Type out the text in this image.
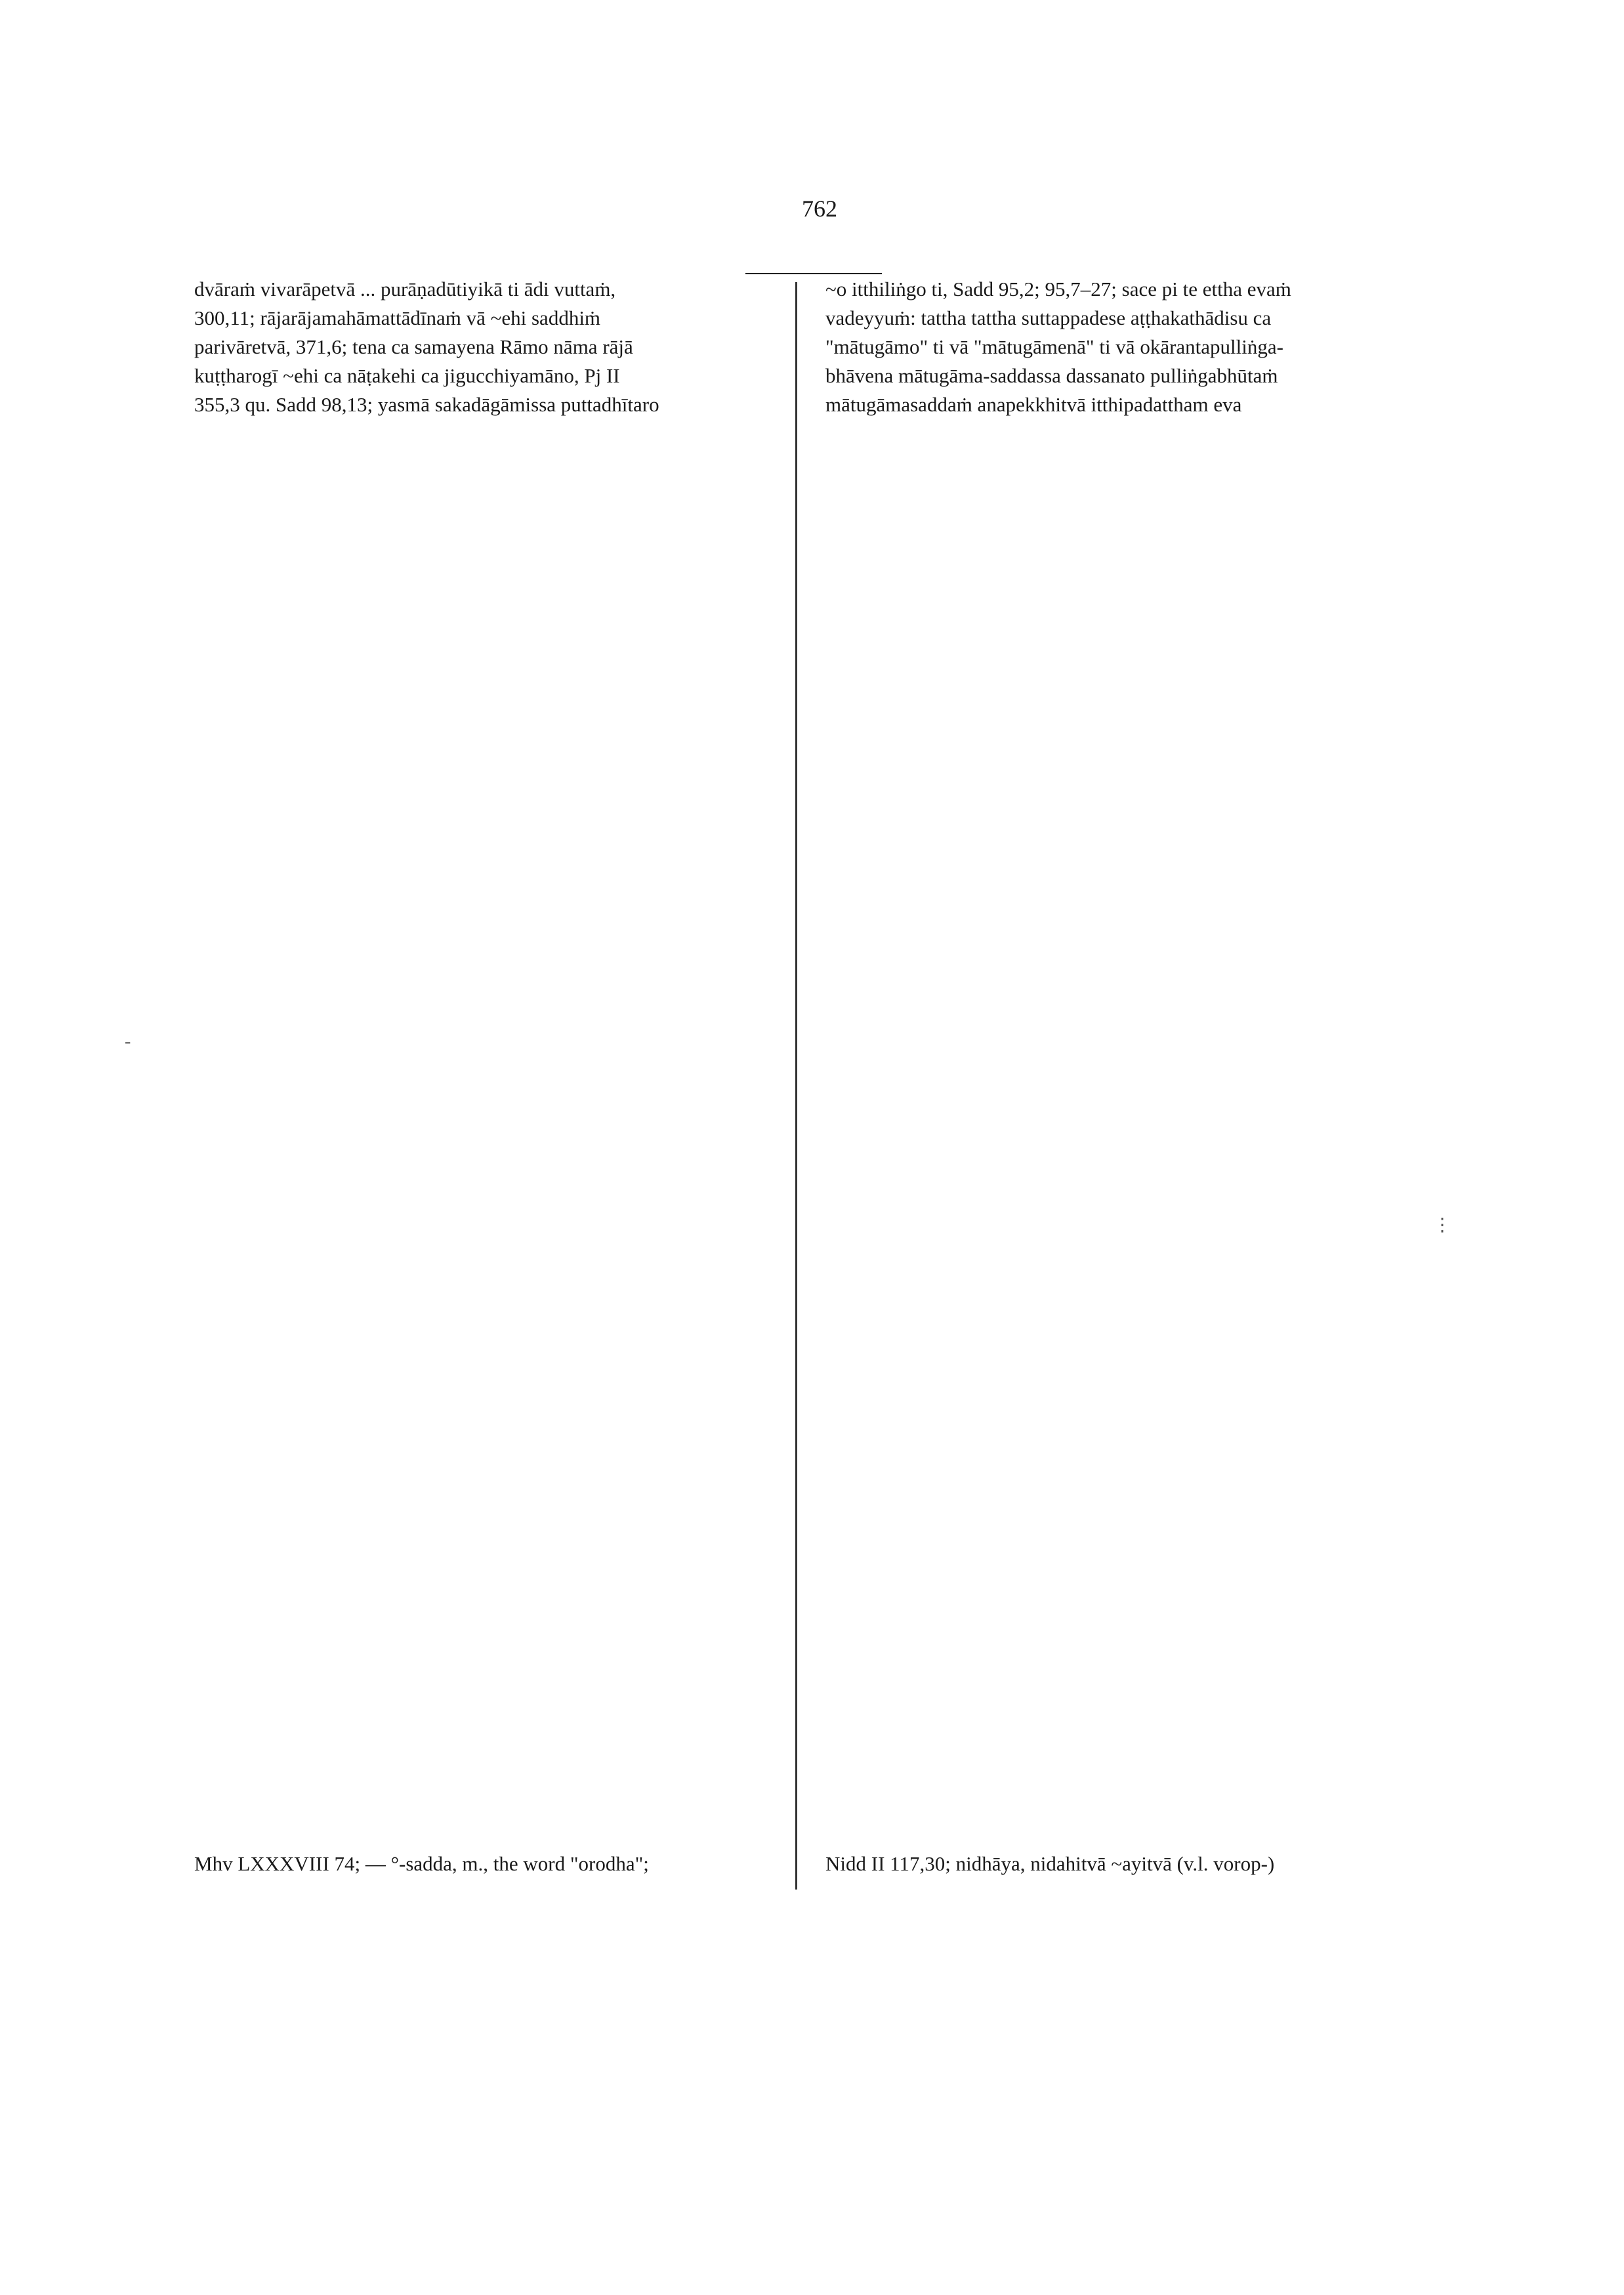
762
dvāraṁ vivarāpetvā ... purāṇadūtiyikā ti ādi vuttaṁ,
300,11; rājarājamahāmattādīnaṁ vā ~ehi saddhiṁ
parivāretvā, 371,6; tena ca samayena Rāmo nāma rājā
kuṭṭharogī ~ehi ca nāṭakehi ca jigucchiyamāno, Pj II
355,3 qu. Sadd 98,13; yasmā sakadāgāmissa puttadhītaro
Mhv LXXXVIII 74; — °-sadda, m., the word "orodha";
~o itthiliṅgo ti, Sadd 95,2; 95,7–27; sace pi te ettha evaṁ
vadeyyuṁ: tattha tattha suttappadese aṭṭhakathādisu ca
"mātugāmo" ti vā "mātugāmenā" ti vā okārantapulliṅga-
bhāvena mātugāma-saddassa dassanato pulliṅgabhūtaṁ
mātugāmasaddaṁ anapekkhitvā itthipadattham eva
Nidd II 117,30; nidhāya, nidahitvā ~ayitvā (v.l. vorop-)
⋮
-
